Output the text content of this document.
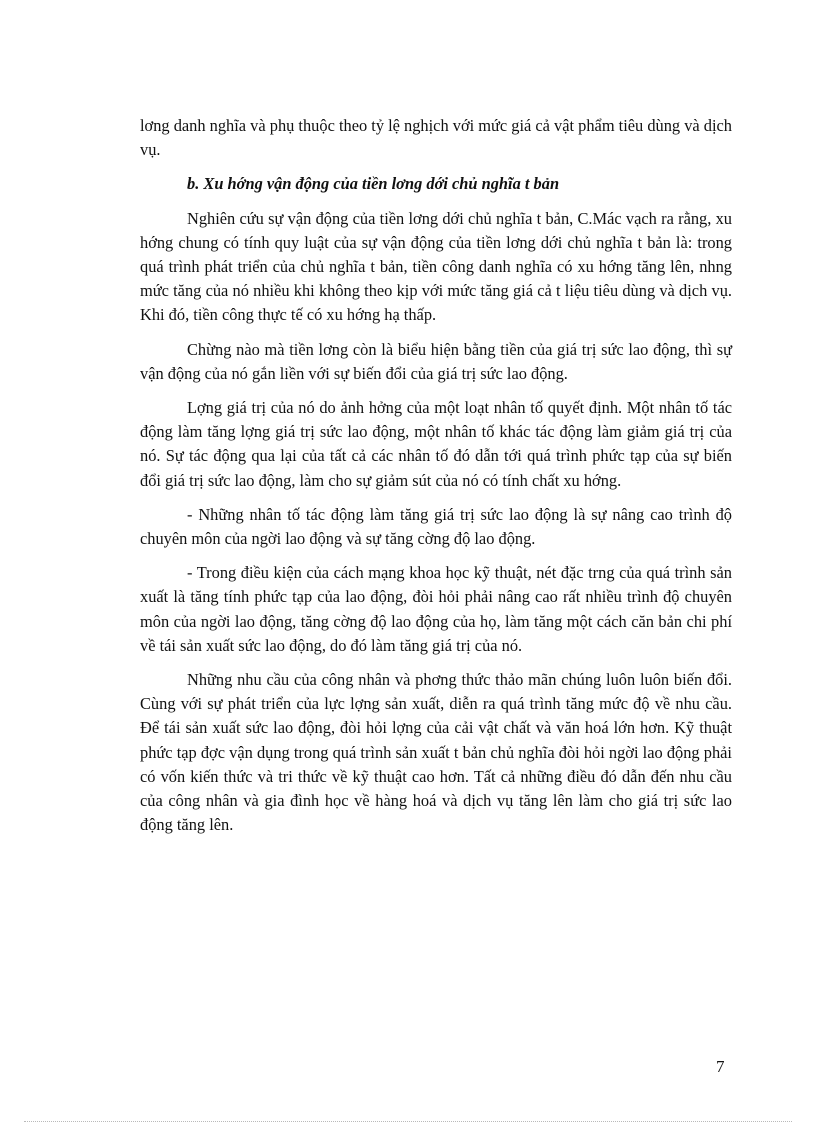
lơng danh nghĩa và phụ thuộc theo tỷ lệ nghịch với mức giá cả vật phẩm tiêu dùng và dịch vụ.

b. Xu hớng vận động của tiền lơng dới chủ nghĩa t bản

Nghiên cứu sự vận động của tiền lơng dới chủ nghĩa t bản, C.Mác vạch ra rằng, xu hớng chung có tính quy luật của sự vận động của tiền lơng dới chủ nghĩa t bản là: trong quá trình phát triển của chủ nghĩa t bản, tiền công danh nghĩa có xu hớng tăng lên, nhng mức tăng của nó nhiều khi không theo kịp với mức tăng giá cả t liệu tiêu dùng và dịch vụ. Khi đó, tiền công thực tế có xu hớng hạ thấp.

Chừng nào mà tiền lơng còn là biểu hiện bằng tiền của giá trị sức lao động, thì sự vận động của nó gắn liền với sự biến đổi của giá trị sức lao động.

Lợng giá trị của nó do ảnh hởng của một loạt nhân tố quyết định. Một nhân tố tác động làm tăng lợng giá trị sức lao động, một nhân tố khác tác động làm giảm giá trị của nó. Sự tác động qua lại của tất cả các nhân tố đó dẫn tới quá trình phức tạp của sự biến đổi giá trị sức lao động, làm cho sự giảm sút của nó có tính chất xu hớng.

- Những nhân tố tác động làm tăng giá trị sức lao động là sự nâng cao trình độ chuyên môn của ngời lao động và sự tăng cờng độ lao động.

- Trong điều kiện của cách mạng khoa học kỹ thuật, nét đặc trng của quá trình sản xuất là tăng tính phức tạp của lao động, đòi hỏi phải nâng cao rất nhiều trình độ chuyên môn của ngời lao động, tăng cờng độ lao động của họ, làm tăng một cách căn bản chi phí về tái sản xuất sức lao động, do đó làm tăng giá trị của nó.

Những nhu cầu của công nhân và phơng thức thảo mãn chúng luôn luôn biến đổi. Cùng với sự phát triển của lực lợng sản xuất, diễn ra quá trình tăng mức độ về nhu cầu. Để tái sản xuất sức lao động, đòi hỏi lợng của cải vật chất và văn hoá lớn hơn. Kỹ thuật phức tạp đợc vận dụng trong quá trình sản xuất t bản chủ nghĩa đòi hỏi ngời lao động phải có vốn kiến thức và tri thức về kỹ thuật cao hơn. Tất cả những điều đó dẫn đến nhu cầu của công nhân và gia đình học về hàng hoá và dịch vụ tăng lên làm cho giá trị sức lao động tăng lên.

7
